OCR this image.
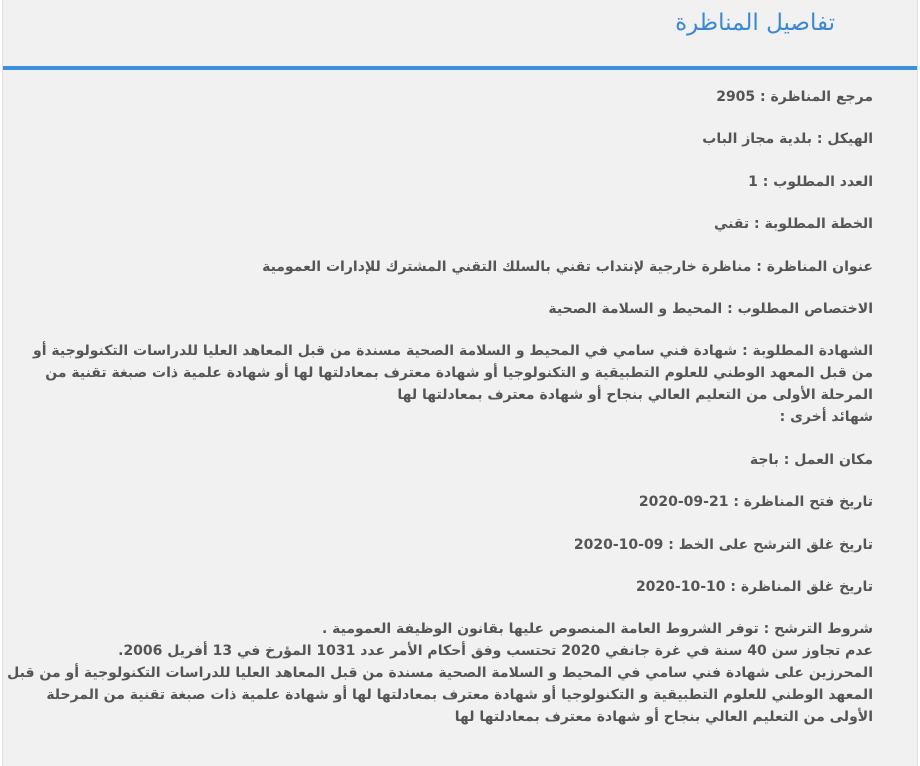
تفاصيل المناظرة
مرجع المناظرة : 2905
الهيكل : بلدية مجاز الباب
العدد المطلوب : 1
الخطة المطلوبة : تقني
عنوان المناظرة : مناظرة خارجية لإنتداب تقني بالسلك التقني المشترك للإدارات العمومية
الاختصاص المطلوب : المحيط و السلامة الصحية
الشهادة المطلوبة : شهادة فني سامي في المحيط و السلامة الصحية مسندة من قبل المعاهد العليا للدراسات التكنولوجية أو
من قبل المعهد الوطني للعلوم التطبيقية و التكنولوجيا أو شهادة معترف بمعادلتها لها أو شهادة علمية ذات صبغة تقنية من
المرحلة الأولى من التعليم العالي بنجاح أو شهادة معترف بمعادلتها لها
شهائد أخرى :
مكان العمل : باجة
تاريخ فتح المناظرة : 21-09-2020
تاريخ غلق الترشح على الخط : 09-10-2020
تاريخ غلق المناظرة : 10-10-2020
شروط الترشح : توفر الشروط العامة المنصوص عليها بقانون الوظيفة العمومية .
عدم تجاوز سن 40 سنة في غرة جانفي 2020 تحتسب وفق أحكام الأمر عدد 1031 المؤرخ في 13 أفريل 2006.
المحرزين على شهادة فني سامي في المحيط و السلامة الصحية مسندة من قبل المعاهد العليا للدراسات التكنولوجية أو من قبل
المعهد الوطني للعلوم التطبيقية و التكنولوجيا أو شهادة معترف بمعادلتها لها أو شهادة علمية ذات صبغة تقنية من المرحلة
الأولى من التعليم العالي بنجاح أو شهادة معترف بمعادلتها لها
